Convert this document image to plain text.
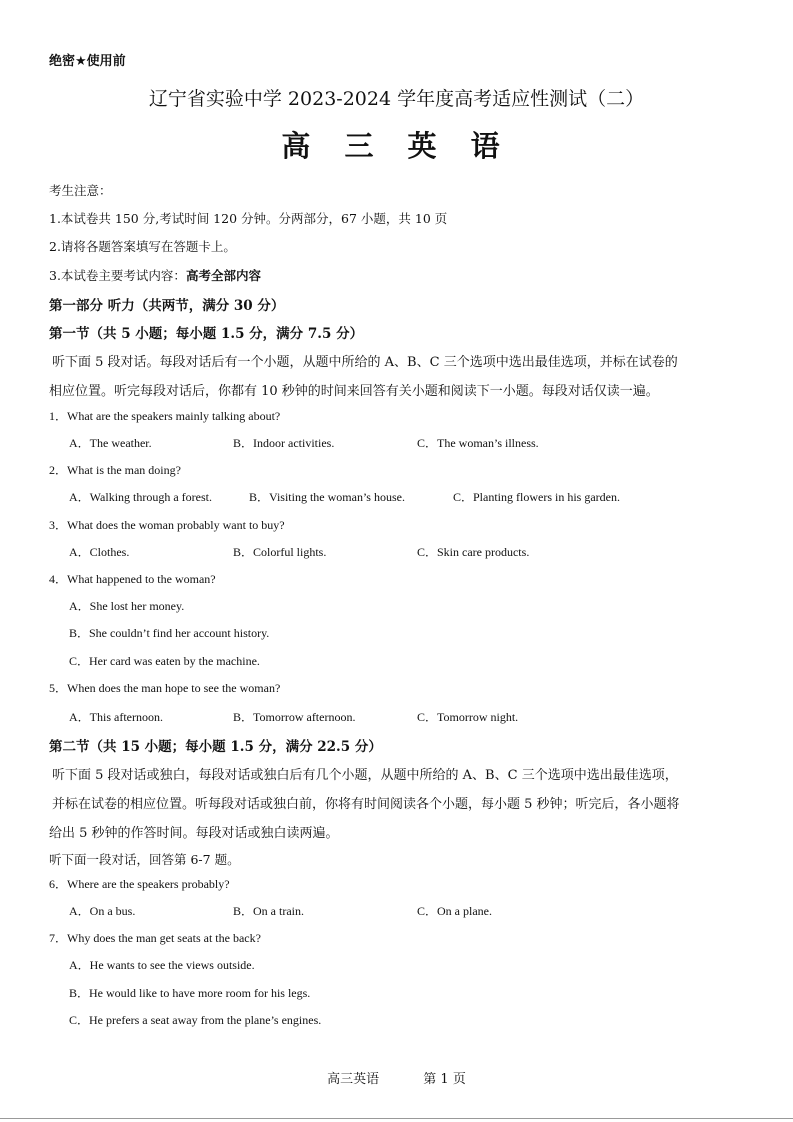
绝密★使用前
辽宁省实验中学 2023-2024 学年度高考适应性测试（二）
高 三 英 语
考生注意：
1.本试卷共 150 分,考试时间 120 分钟。分两部分，67 小题，共 10 页
2.请将各题答案填写在答题卡上。
3.本试卷主要考试内容：高考全部内容
第一部分 听力（共两节，满分 30 分）
第一节（共 5 小题；每小题 1.5 分，满分 7.5 分）
听下面 5 段对话。每段对话后有一个小题，从题中所给的 A、B、C 三个选项中选出最佳选项，并标在试卷的
相应位置。听完每段对话后，你都有 10 秒钟的时间来回答有关小题和阅读下一小题。每段对话仅读一遍。
1．What are the speakers mainly talking about?
A．The weather.	B．Indoor activities.	C．The woman’s illness.
2．What is the man doing?
A．Walking through a forest.	B．Visiting the woman’s house.	C．Planting flowers in his garden.
3．What does the woman probably want to buy?
A．Clothes.	B．Colorful lights.	C．Skin care products.
4．What happened to the woman?
A．She lost her money.
B．She couldn’t find her account history.
C．Her card was eaten by the machine.
5．When does the man hope to see the woman?
A．This afternoon.	B．Tomorrow afternoon.	C．Tomorrow night.
第二节（共 15 小题；每小题 1.5 分，满分 22.5 分）
听下面 5 段对话或独白，每段对话或独白后有几个小题，从题中所给的 A、B、C 三个选项中选出最佳选项，
并标在试卷的相应位置。听每段对话或独白前，你将有时间阅读各个小题，每小题 5 秒钟；听完后，各小题将
给出 5 秒钟的作答时间。每段对话或独白读两遍。
听下面一段对话，回答第 6-7 题。
6．Where are the speakers probably?
A．On a bus.	B．On a train.	C．On a plane.
7．Why does the man get seats at the back?
A．He wants to see the views outside.
B．He would like to have more room for his legs.
C．He prefers a seat away from the plane’s engines.
高三英语	第 1 页
